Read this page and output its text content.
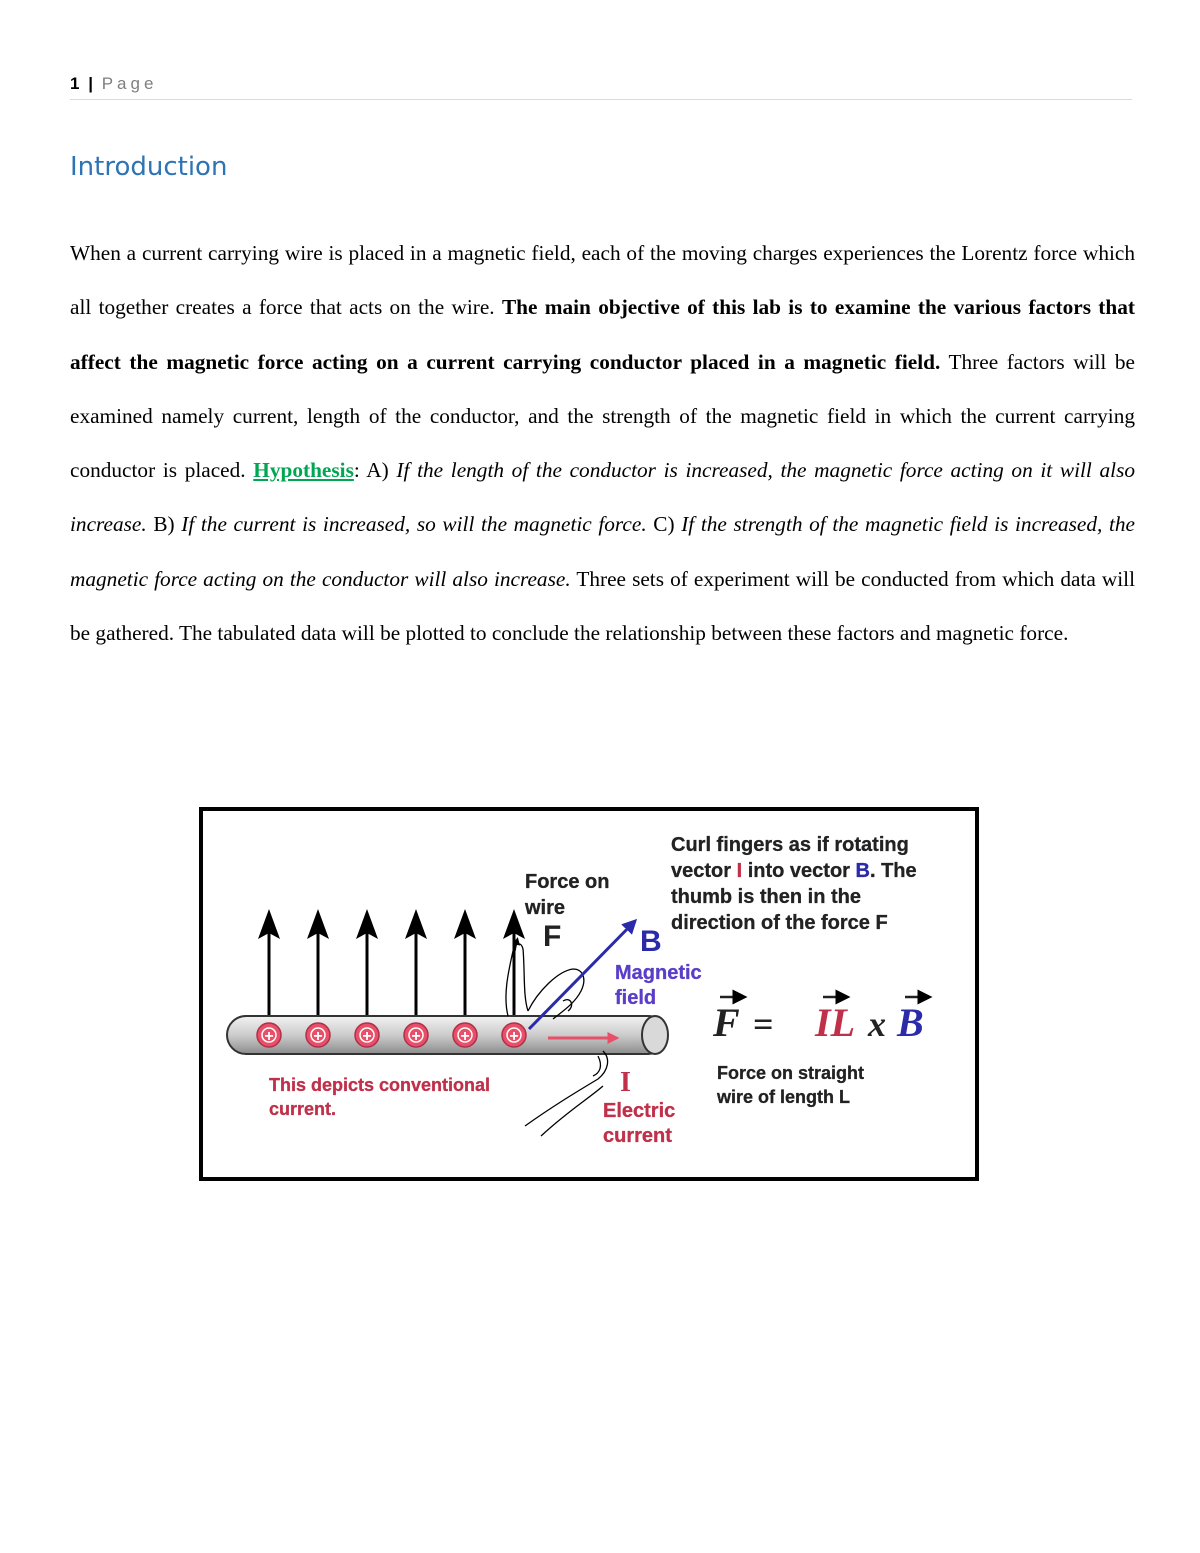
1 | Page
Introduction

When a current carrying wire is placed in a magnetic field, each of the moving charges experiences the Lorentz force which all together creates a force that acts on the wire. The main objective of this lab is to examine the various factors that affect the magnetic force acting on a current carrying conductor placed in a magnetic field. Three factors will be examined namely current, length of the conductor, and the strength of the magnetic field in which the current carrying conductor is placed. Hypothesis: A) If the length of the conductor is increased, the magnetic force acting on it will also increase. B) If the current is increased, so will the magnetic force. C) If the strength of the magnetic field is increased, the magnetic force acting on the conductor will also increase. Three sets of experiment will be conducted from which data will be gathered. The tabulated data will be plotted to conclude the relationship between these factors and magnetic force.

+ + + + + +
Force on
wire
F	B
Magnetic
field
Curl fingers as if rotating
vector I into vector B. The
thumb is then in the
direction of the force F
F = IL x B
I
Electric
current
This depicts conventional
current.
Force on straight
wire of length L
